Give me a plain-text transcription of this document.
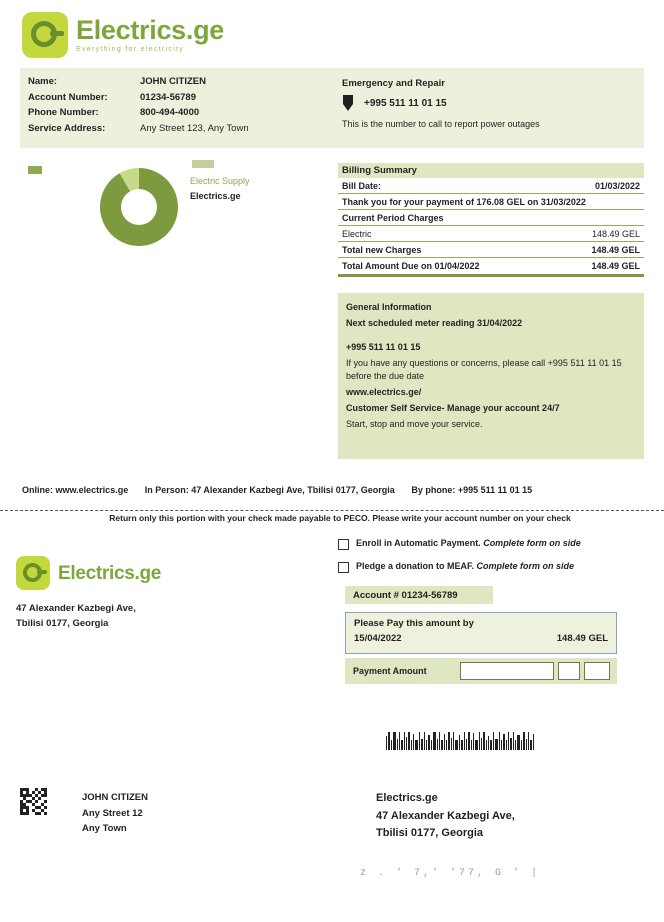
Electrics.ge
Everything for electricity
Name:	JOHN CITIZEN
Account Number:	01234-56789
Phone Number:	800-494-4000
Service Address:	Any Street 123, Any Town
Emergency and Repair
+995 511 11 01 15
This is the number to call to report power outages
Electric Supply
Electrics.ge
Billing Summary
Bill Date:	01/03/2022
Thank you for your payment of 176.08 GEL on 31/03/2022
Current Period Charges
Electric	148.49 GEL
Total new Charges	148.49 GEL
Total Amount Due on 01/04/2022	148.49 GEL
General Information
Next scheduled meter reading 31/04/2022
+995 511 11 01 15
If you have any questions or concerns, please call +995 511 11 01 15 before the due date
www.electrics.ge/
Customer Self Service- Manage your account 24/7
Start, stop and move your service.
Online: www.electrics.ge In Person: 47 Alexander Kazbegi Ave, Tbilisi 0177, Georgia By phone: +995 511 11 01 15
Return only this portion with your check made payable to PECO. Please write your account number on your check
Electrics.ge
47 Alexander Kazbegi Ave,
Tbilisi 0177, Georgia
Enroll in Automatic Payment. Complete form on side
Pledge a donation to MEAF. Complete form on side
Account # 01234-56789
Please Pay this amount by
15/04/2022	148.49 GEL
Payment Amount
JOHN CITIZEN
Any Street 12
Any Town
Electrics.ge
47 Alexander Kazbegi Ave,
Tbilisi 0177, Georgia
z . ' 7,' '77, G ' |
